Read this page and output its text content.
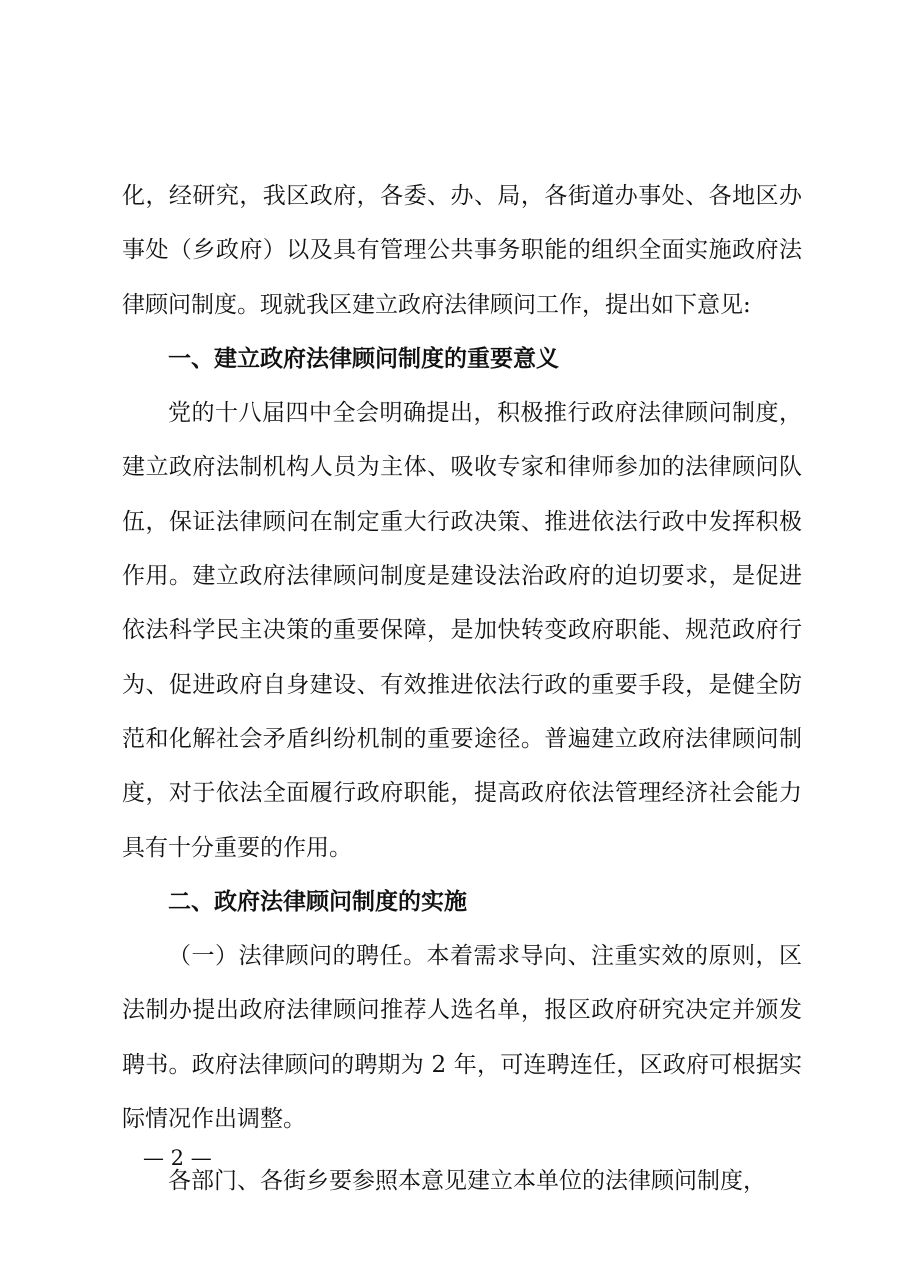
化，经研究，我区政府，各委、办、局，各街道办事处、各地区办事处（乡政府）以及具有管理公共事务职能的组织全面实施政府法律顾问制度。现就我区建立政府法律顾问工作，提出如下意见:

一、建立政府法律顾问制度的重要意义

党的十八届四中全会明确提出，积极推行政府法律顾问制度，建立政府法制机构人员为主体、吸收专家和律师参加的法律顾问队伍，保证法律顾问在制定重大行政决策、推进依法行政中发挥积极作用。建立政府法律顾问制度是建设法治政府的迫切要求，是促进依法科学民主决策的重要保障，是加快转变政府职能、规范政府行为、促进政府自身建设、有效推进依法行政的重要手段，是健全防范和化解社会矛盾纠纷机制的重要途径。普遍建立政府法律顾问制度，对于依法全面履行政府职能，提高政府依法管理经济社会能力具有十分重要的作用。

二、政府法律顾问制度的实施

（一）法律顾问的聘任。本着需求导向、注重实效的原则，区法制办提出政府法律顾问推荐人选名单，报区政府研究决定并颁发聘书。政府法律顾问的聘期为 2 年，可连聘连任，区政府可根据实际情况作出调整。

各部门、各街乡要参照本意见建立本单位的法律顾问制度，

— 2 —
